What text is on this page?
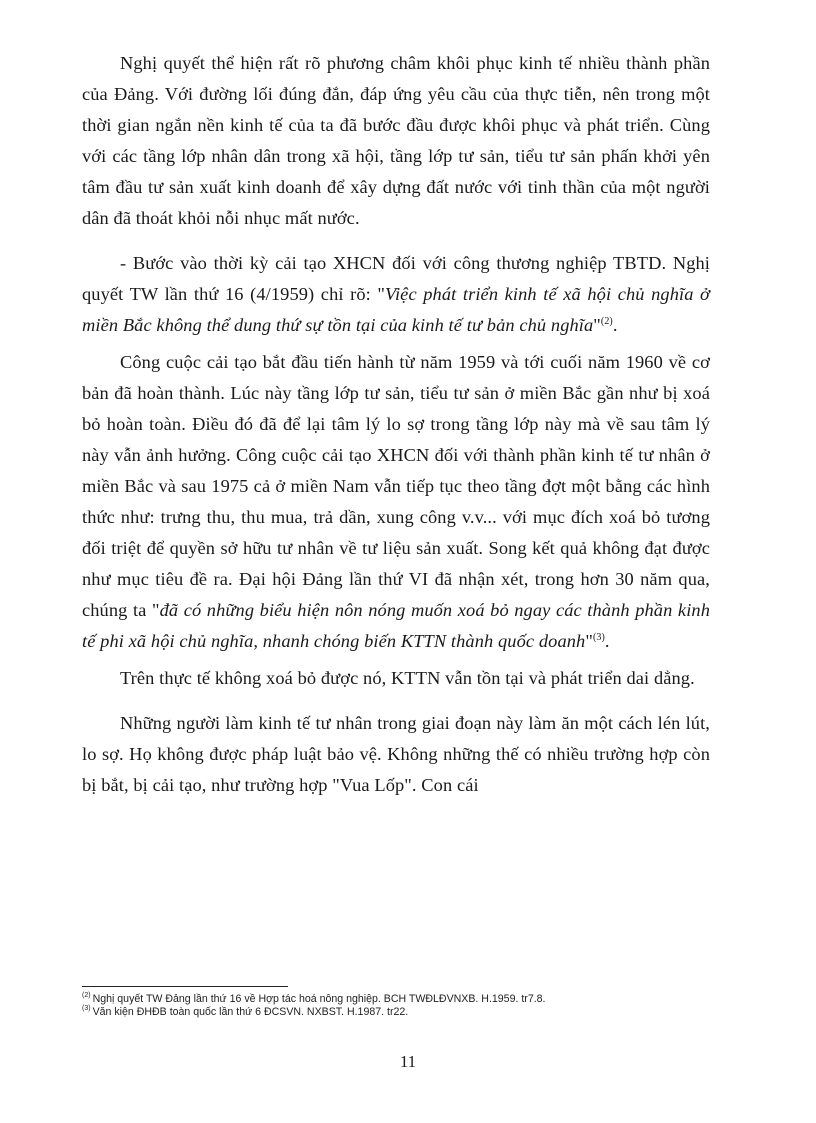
Nghị quyết thể hiện rất rõ phương châm khôi phục kinh tế nhiều thành phần của Đảng. Với đường lối đúng đắn, đáp ứng yêu cầu của thực tiễn, nên trong một thời gian ngắn nền kinh tế của ta đã bước đầu được khôi phục và phát triển. Cùng với các tầng lớp nhân dân trong xã hội, tầng lớp tư sản, tiểu tư sản phấn khởi yên tâm đầu tư sản xuất kinh doanh để xây dựng đất nước với tinh thần của một người dân đã thoát khỏi nỗi nhục mất nước.

- Bước vào thời kỳ cải tạo XHCN đối với công thương nghiệp TBTD. Nghị quyết TW lần thứ 16 (4/1959) chỉ rõ: "Việc phát triển kinh tế xã hội chủ nghĩa ở miền Bắc không thể dung thứ sự tồn tại của kinh tế tư bản chủ nghĩa"$^{(2)}$.

Công cuộc cải tạo bắt đầu tiến hành từ năm 1959 và tới cuối năm 1960 về cơ bản đã hoàn thành. Lúc này tầng lớp tư sản, tiểu tư sản ở miền Bắc gần như bị xoá bỏ hoàn toàn. Điều đó đã để lại tâm lý lo sợ trong tầng lớp này mà về sau tâm lý này vẫn ảnh hưởng. Công cuộc cải tạo XHCN đối với thành phần kinh tế tư nhân ở miền Bắc và sau 1975 cả ở miền Nam vẫn tiếp tục theo tầng đợt một bằng các hình thức như: trưng thu, thu mua, trả dần, xung công v.v... với mục đích xoá bỏ tương đối triệt để quyền sở hữu tư nhân về tư liệu sản xuất. Song kết quả không đạt được như mục tiêu đề ra. Đại hội Đảng lần thứ VI đã nhận xét, trong hơn 30 năm qua, chúng ta "đã có những biểu hiện nôn nóng muốn xoá bỏ ngay các thành phần kinh tế phi xã hội chủ nghĩa, nhanh chóng biến KTTN thành quốc doanh"$^{(3)}$.

Trên thực tế không xoá bỏ được nó, KTTN vẫn tồn tại và phát triển dai dẳng.

Những người làm kinh tế tư nhân trong giai đoạn này làm ăn một cách lén lút, lo sợ. Họ không được pháp luật bảo vệ. Không những thế có nhiều trường hợp còn bị bắt, bị cải tạo, như trường hợp "Vua Lốp". Con cái

$^{(2)}$ Nghị quyết TW Đảng lần thứ 16 về Hợp tác hoá nông nghiệp. BCH TWĐLĐVNXB. H.1959. tr7.8.
$^{(3)}$ Văn kiện ĐHĐB toàn quốc lần thứ 6 ĐCSVN. NXBST. H.1987. tr22.
11
